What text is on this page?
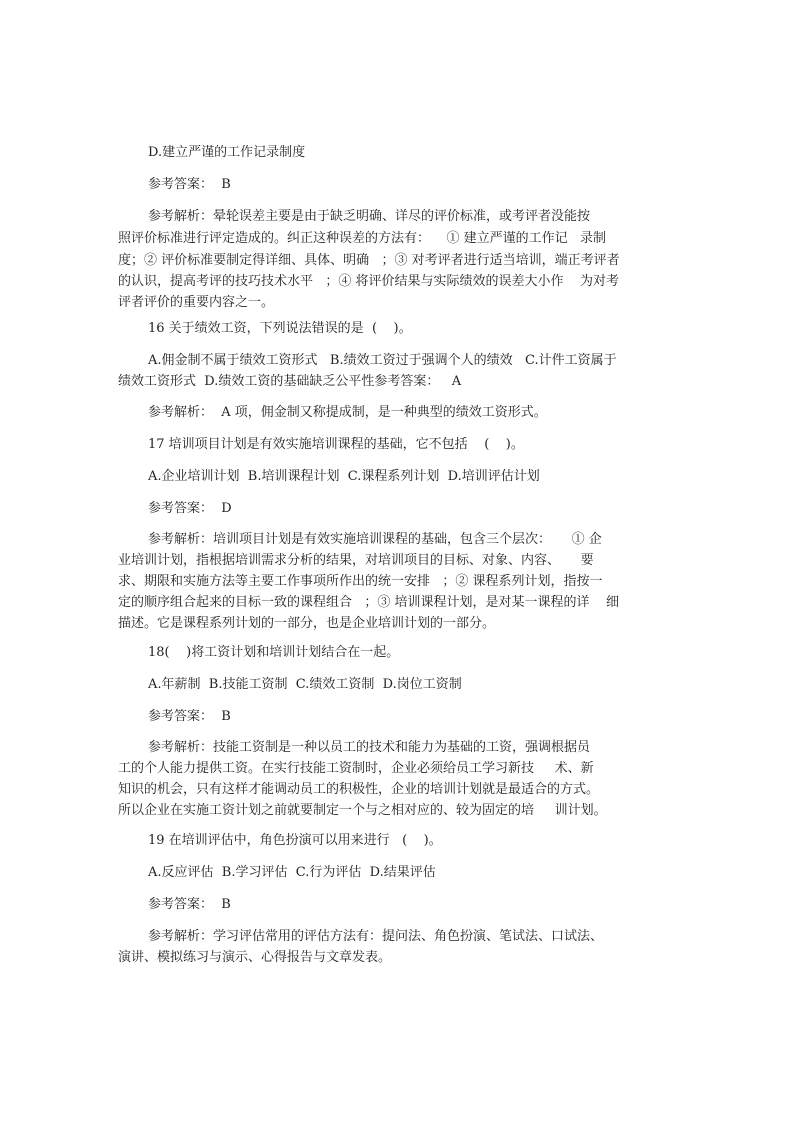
D.建立严谨的工作记录制度
参考答案：  B
参考解析：晕轮误差主要是由于缺乏明确、详尽的评价标准，或考评者没能按
照评价标准进行评定造成的。纠正这种误差的方法有：    ① 建立严谨的工作记   录制
度；② 评价标准要制定得详细、具体、明确   ；③ 对考评者进行适当培训，端正考评者
的认识，提高考评的技巧技术水平   ；④ 将评价结果与实际绩效的误差大小作    为对考
评者评价的重要内容之一。
16 关于绩效工资，下列说法错误的是  (    )。
A.佣金制不属于绩效工资形式   B.绩效工资过于强调个人的绩效   C.计件工资属于
绩效工资形式  D.绩效工资的基础缺乏公平性参考答案：   A
参考解析：  A 项，佣金制又称提成制，是一种典型的绩效工资形式。
17 培训项目计划是有效实施培训课程的基础，它不包括    (    )。
A.企业培训计划  B.培训课程计划  C.课程系列计划  D.培训评估计划
参考答案：  D
参考解析：培训项目计划是有效实施培训课程的基础，包含三个层次：     ① 企
业培训计划，指根据培训需求分析的结果，对培训项目的目标、对象、内容、     要
求、期限和实施方法等主要工作事项所作出的统一安排   ；② 课程系列计划，指按一
定的顺序组合起来的目标一致的课程组合   ；③ 培训课程计划，是对某一课程的详    细
描述。它是课程系列计划的一部分，也是企业培训计划的一部分。
18(    )将工资计划和培训计划结合在一起。
A.年薪制  B.技能工资制  C.绩效工资制  D.岗位工资制
参考答案：  B
参考解析：技能工资制是一种以员工的技术和能力为基础的工资，强调根据员
工的个人能力提供工资。在实行技能工资制时，企业必须给员工学习新技     术、新
知识的机会，只有这样才能调动员工的积极性，企业的培训计划就是最适合的方式。
所以企业在实施工资计划之前就要制定一个与之相对应的、较为固定的培     训计划。
19 在培训评估中，角色扮演可以用来进行   (    )。
A.反应评估  B.学习评估  C.行为评估  D.结果评估
参考答案：  B
参考解析：学习评估常用的评估方法有：提问法、角色扮演、笔试法、口试法、
演讲、模拟练习与演示、心得报告与文章发表。
